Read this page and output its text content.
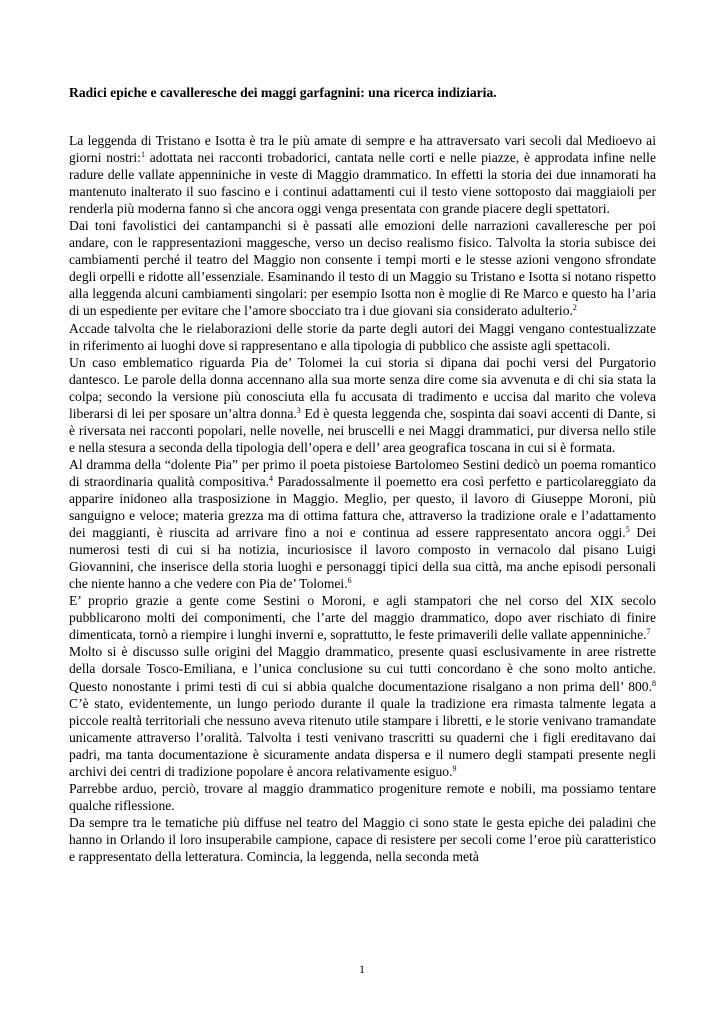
Radici epiche e cavalleresche dei maggi garfagnini: una ricerca indiziaria.

La leggenda di Tristano e Isotta è tra le più amate di sempre e ha attraversato vari secoli dal Medioevo ai giorni nostri:$^1$ adottata nei racconti trobadorici, cantata nelle corti e nelle piazze, è approdata infine nelle radure delle vallate appenniniche in veste di Maggio drammatico. In effetti la storia dei due innamorati ha mantenuto inalterato il suo fascino e i continui adattamenti cui il testo viene sottoposto dai maggiaioli per renderla più moderna fanno sì che ancora oggi venga presentata con grande piacere degli spettatori.

Dai toni favolistici dei cantampanchi si è passati alle emozioni delle narrazioni cavalleresche per poi andare, con le rappresentazioni maggesche, verso un deciso realismo fisico. Talvolta la storia subisce dei cambiamenti perché il teatro del Maggio non consente i tempi morti e le stesse azioni vengono sfrondate degli orpelli e ridotte all’essenziale. Esaminando il testo di un Maggio su Tristano e Isotta si notano rispetto alla leggenda alcuni cambiamenti singolari: per esempio Isotta non è moglie di Re Marco e questo ha l’aria di un espediente per evitare che l’amore sbocciato tra i due giovani sia considerato adulterio.$^2$

Accade talvolta che le rielaborazioni delle storie da parte degli autori dei Maggi vengano contestualizzate in riferimento ai luoghi dove si rappresentano e alla tipologia di pubblico che assiste agli spettacoli.

Un caso emblematico riguarda Pia de’ Tolomei la cui storia si dipana dai pochi versi del Purgatorio dantesco. Le parole della donna accennano alla sua morte senza dire come sia avvenuta e di chi sia stata la colpa; secondo la versione più conosciuta ella fu accusata di tradimento e uccisa dal marito che voleva liberarsi di lei per sposare un’altra donna.$^3$ Ed è questa leggenda che, sospinta dai soavi accenti di Dante, si è riversata nei racconti popolari, nelle novelle, nei bruscelli e nei Maggi drammatici, pur diversa nello stile e nella stesura a seconda della tipologia dell’opera e dell’ area geografica toscana in cui si è formata.

Al dramma della “dolente Pia” per primo il poeta pistoiese Bartolomeo Sestini dedicò un poema romantico di straordinaria qualità compositiva.$^4$ Paradossalmente il poemetto era così perfetto e particolareggiato da apparire inidoneo alla trasposizione in Maggio. Meglio, per questo, il lavoro di Giuseppe Moroni, più sanguigno e veloce; materia grezza ma di ottima fattura che, attraverso la tradizione orale e l’adattamento dei maggianti, è riuscita ad arrivare fino a noi e continua ad essere rappresentato ancora oggi.$^5$ Dei numerosi testi di cui si ha notizia, incuriosisce il lavoro composto in vernacolo dal pisano Luigi Giovannini, che inserisce della storia luoghi e personaggi tipici della sua città, ma anche episodi personali che niente hanno a che vedere con Pia de’ Tolomei.$^6$

E’ proprio grazie a gente come Sestini o Moroni, e agli stampatori che nel corso del XIX secolo pubblicarono molti dei componimenti, che l’arte del maggio drammatico, dopo aver rischiato di finire dimenticata, tornò a riempire i lunghi inverni e, soprattutto, le feste primaverili delle vallate appenniniche.$^7$

Molto si è discusso sulle origini del Maggio drammatico, presente quasi esclusivamente in aree ristrette della dorsale Tosco-Emiliana, e l’unica conclusione su cui tutti concordano è che sono molto antiche. Questo nonostante i primi testi di cui si abbia qualche documentazione risalgano a non prima dell’ 800.$^8$ C’è stato, evidentemente, un lungo periodo durante il quale la tradizione era rimasta talmente legata a piccole realtà territoriali che nessuno aveva ritenuto utile stampare i libretti, e le storie venivano tramandate unicamente attraverso l’oralità. Talvolta i testi venivano trascritti su quaderni che i figli ereditavano dai padri, ma tanta documentazione è sicuramente andata dispersa e il numero degli stampati presente negli archivi dei centri di tradizione popolare è ancora relativamente esiguo.$^9$

Parrebbe arduo, perciò, trovare al maggio drammatico progeniture remote e nobili, ma possiamo tentare qualche riflessione.

Da sempre tra le tematiche più diffuse nel teatro del Maggio ci sono state le gesta epiche dei paladini che hanno in Orlando il loro insuperabile campione, capace di resistere per secoli come l’eroe più caratteristico e rappresentato della letteratura. Comincia, la leggenda, nella seconda metà

1
